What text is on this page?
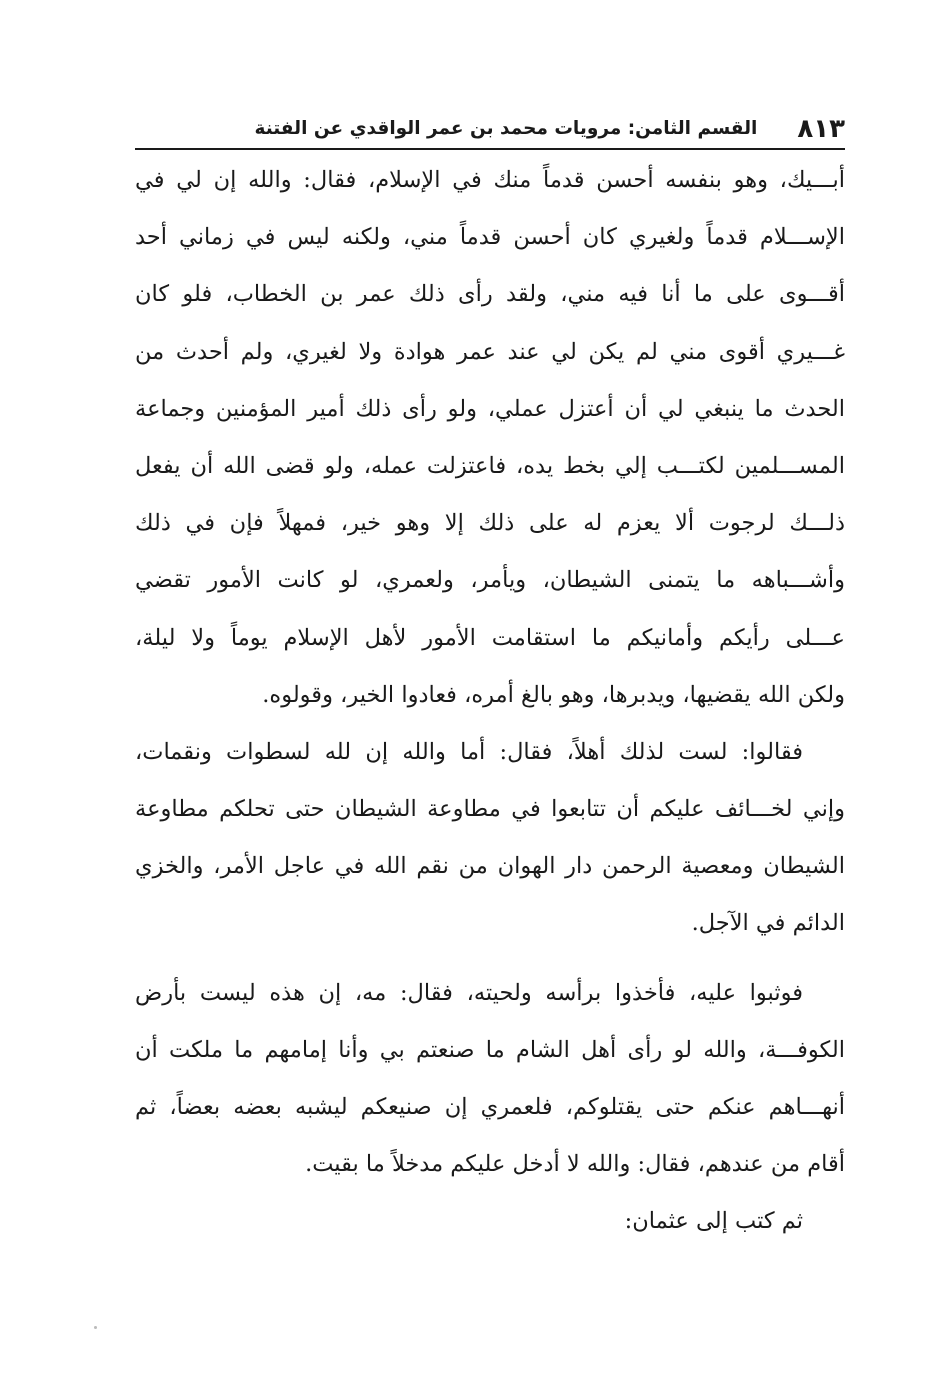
٨١٣
القسم الثامن: مرويات محمد بن عمر الواقدي عن الفتنة
أبـــيك، وهو بنفسه أحسن قدماً منك في الإسلام، فقال: والله إن لي في
الإســـلام قدماً ولغيري كان أحسن قدماً مني، ولكنه ليس في زماني أحد
أقـــوى على ما أنا فيه مني، ولقد رأى ذلك عمر بن الخطاب، فلو كان
غـــيري أقوى مني لم يكن لي عند عمر هوادة ولا لغيري، ولم أحدث من
الحدث ما ينبغي لي أن أعتزل عملي، ولو رأى ذلك أمير المؤمنين وجماعة
المســـلمين لكتـــب إلي بخط يده، فاعتزلت عمله، ولو قضى الله أن يفعل
ذلـــك لرجوت ألا يعزم له على ذلك إلا وهو خير، فمهلاً فإن في ذلك
وأشـــباهه ما يتمنى الشيطان، ويأمر، ولعمري، لو كانت الأمور تقضي
عـــلى رأيكم وأمانيكم ما استقامت الأمور لأهل الإسلام يوماً ولا ليلة،
ولكن الله يقضيها، ويدبرها، وهو بالغ أمره، فعادوا الخير، وقولوه.
فقالوا: لست لذلك أهلاً، فقال: أما والله إن لله لسطوات ونقمات،
وإني لخـــائف عليكم أن تتابعوا في مطاوعة الشيطان حتى تحلكم مطاوعة
الشيطان ومعصية الرحمن دار الهوان من نقم الله في عاجل الأمر، والخزي
الدائم في الآجل.
فوثبوا عليه، فأخذوا برأسه ولحيته، فقال: مه، إن هذه ليست بأرض
الكوفـــة، والله لو رأى أهل الشام ما صنعتم بي وأنا إمامهم ما ملكت أن
أنهـــاهم عنكم حتى يقتلوكم، فلعمري إن صنيعكم ليشبه بعضه بعضاً، ثم
أقام من عندهم، فقال: والله لا أدخل عليكم مدخلاً ما بقيت.
ثم كتب إلى عثمان:
